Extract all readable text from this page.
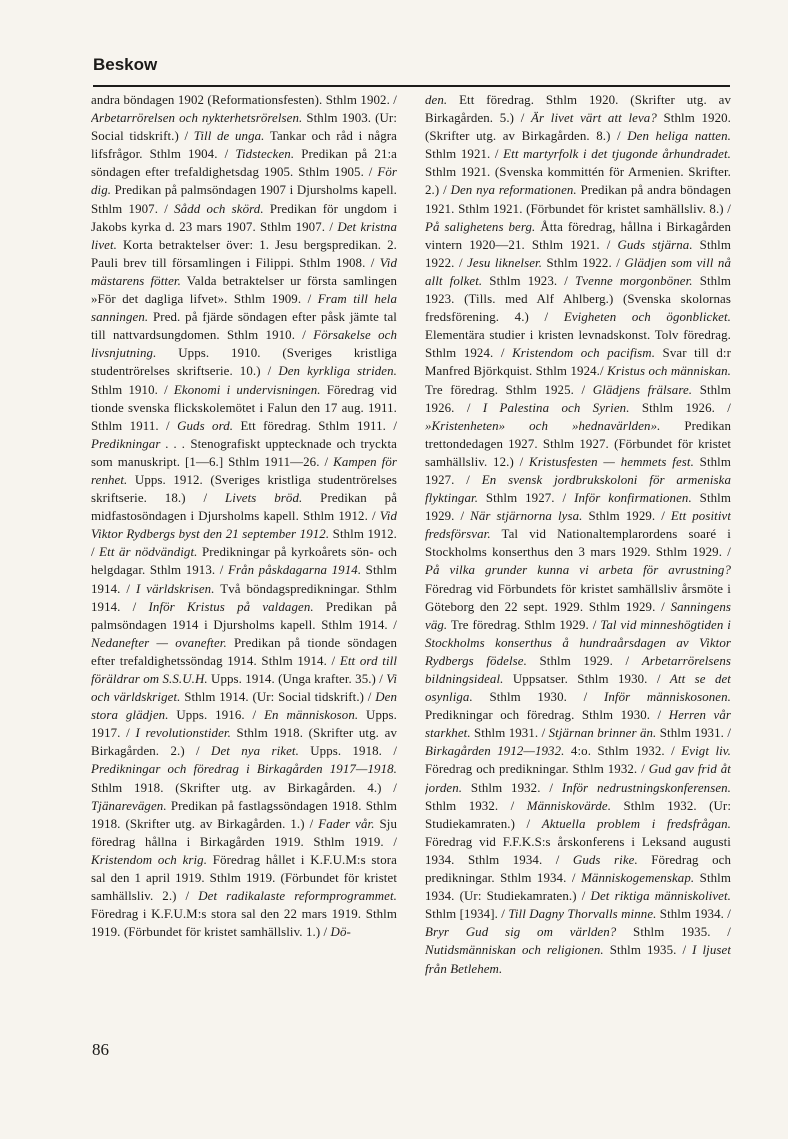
Beskow

andra böndagen 1902 (Reformationsfesten). Sthlm 1902. / Arbetarrörelsen och nykterhetsrörelsen. Sthlm 1903. (Ur: Social tidskrift.) / Till de unga. Tankar och råd i några lifsfrågor. Sthlm 1904. / Tidstecken. Predikan på 21:a söndagen efter trefaldighetsdag 1905. Sthlm 1905. / För dig. Predikan på palmsöndagen 1907 i Djursholms kapell. Sthlm 1907. / Sådd och skörd. Predikan för ungdom i Jakobs kyrka d. 23 mars 1907. Sthlm 1907. / Det kristna livet. Korta betraktelser över: 1. Jesu bergspredikan. 2. Pauli brev till församlingen i Filippi. Sthlm 1908. / Vid mästarens fötter. Valda betraktelser ur första samlingen »För det dagliga lifvet». Sthlm 1909. / Fram till hela sanningen. Pred. på fjärde söndagen efter påsk jämte tal till nattvardsungdomen. Sthlm 1910. / Försakelse och livsnjutning. Upps. 1910. (Sveriges kristliga studentrörelses skriftserie. 10.) / Den kyrkliga striden. Sthlm 1910. / Ekonomi i undervisningen. Föredrag vid tionde svenska flickskolemötet i Falun den 17 aug. 1911. Sthlm 1911. / Guds ord. Ett föredrag. Sthlm 1911. / Predikningar . . . Stenografiskt upptecknade och tryckta som manuskript. [1—6.] Sthlm 1911—26. / Kampen för renhet. Upps. 1912. (Sveriges kristliga studentrörelses skriftserie. 18.) / Livets bröd. Predikan på midfastosöndagen i Djursholms kapell. Sthlm 1912. / Vid Viktor Rydbergs byst den 21 september 1912. Sthlm 1912. / Ett är nödvändigt. Predikningar på kyrkoårets sön- och helgdagar. Sthlm 1913. / Från påskdagarna 1914. Sthlm 1914. / I världskrisen. Två böndagspredikningar. Sthlm 1914. / Inför Kristus på valdagen. Predikan på palmsöndagen 1914 i Djursholms kapell. Sthlm 1914. / Nedanefter — ovanefter. Predikan på tionde söndagen efter trefaldighetssöndag 1914. Sthlm 1914. / Ett ord till föräldrar om S.S.U.H. Upps. 1914. (Unga krafter. 35.) / Vi och världskriget. Sthlm 1914. (Ur: Social tidskrift.) / Den stora glädjen. Upps. 1916. / En människoson. Upps. 1917. / I revolutionstider. Sthlm 1918. (Skrifter utg. av Birkagården. 2.) / Det nya riket. Upps. 1918. / Predikningar och föredrag i Birkagården 1917—1918. Sthlm 1918. (Skrifter utg. av Birkagården. 4.) / Tjänarevägen. Predikan på fastlagssöndagen 1918. Sthlm 1918. (Skrifter utg. av Birkagården. 1.) / Fader vår. Sju föredrag hållna i Birkagården 1919. Sthlm 1919. / Kristendom och krig. Föredrag hållet i K.F.U.M:s stora sal den 1 april 1919. Sthlm 1919. (Förbundet för kristet samhällsliv. 2.) / Det radikalaste reformprogrammet. Föredrag i K.F.U.M:s stora sal den 22 mars 1919. Sthlm 1919. (Förbundet för kristet samhällsliv. 1.) / Dö-

den. Ett föredrag. Sthlm 1920. (Skrifter utg. av Birkagården. 5.) / Är livet värt att leva? Sthlm 1920. (Skrifter utg. av Birkagården. 8.) / Den heliga natten. Sthlm 1921. / Ett martyrfolk i det tjugonde århundradet. Sthlm 1921. (Svenska kommittén för Armenien. Skrifter. 2.) / Den nya reformationen. Predikan på andra böndagen 1921. Sthlm 1921. (Förbundet för kristet samhällsliv. 8.) / På salighetens berg. Åtta föredrag, hållna i Birkagården vintern 1920—21. Sthlm 1921. / Guds stjärna. Sthlm 1922. / Jesu liknelser. Sthlm 1922. / Glädjen som vill nå allt folket. Sthlm 1923. / Tvenne morgonböner. Sthlm 1923. (Tills. med Alf Ahlberg.) (Svenska skolornas fredsförening. 4.) / Evigheten och ögonblicket. Elementära studier i kristen levnadskonst. Tolv föredrag. Sthlm 1924. / Kristendom och pacifism. Svar till d:r Manfred Björkquist. Sthlm 1924./ Kristus och människan. Tre föredrag. Sthlm 1925. / Glädjens frälsare. Sthlm 1926. / I Palestina och Syrien. Sthlm 1926. / »Kristenheten» och »hednavärlden». Predikan trettondedagen 1927. Sthlm 1927. (Förbundet för kristet samhällsliv. 12.) / Kristusfesten — hemmets fest. Sthlm 1927. / En svensk jordbrukskoloni för armeniska flyktingar. Sthlm 1927. / Inför konfirmationen. Sthlm 1929. / När stjärnorna lysa. Sthlm 1929. / Ett positivt fredsförsvar. Tal vid Nationaltemplarordens soaré i Stockholms konserthus den 3 mars 1929. Sthlm 1929. / På vilka grunder kunna vi arbeta för avrustning? Föredrag vid Förbundets för kristet samhällsliv årsmöte i Göteborg den 22 sept. 1929. Sthlm 1929. / Sanningens väg. Tre föredrag. Sthlm 1929. / Tal vid minneshögtiden i Stockholms konserthus å hundraårsdagen av Viktor Rydbergs födelse. Sthlm 1929. / Arbetarrörelsens bildningsideal. Uppsatser. Sthlm 1930. / Att se det osynliga. Sthlm 1930. / Inför människosonen. Predikningar och föredrag. Sthlm 1930. / Herren vår starkhet. Sthlm 1931. / Stjärnan brinner än. Sthlm 1931. / Birkagården 1912—1932. 4:o. Sthlm 1932. / Evigt liv. Föredrag och predikningar. Sthlm 1932. / Gud gav frid åt jorden. Sthlm 1932. / Inför nedrustningskonferensen. Sthlm 1932. / Människovärde. Sthlm 1932. (Ur: Studiekamraten.) / Aktuella problem i fredsfrågan. Föredrag vid F.F.K.S:s årskonferens i Leksand augusti 1934. Sthlm 1934. / Guds rike. Föredrag och predikningar. Sthlm 1934. / Människogemenskap. Sthlm 1934. (Ur: Studiekamraten.) / Det riktiga människolivet. Sthlm [1934]. / Till Dagny Thorvalls minne. Sthlm 1934. / Bryr Gud sig om världen? Sthlm 1935. / Nutidsmänniskan och religionen. Sthlm 1935. / I ljuset från Betlehem.

86
